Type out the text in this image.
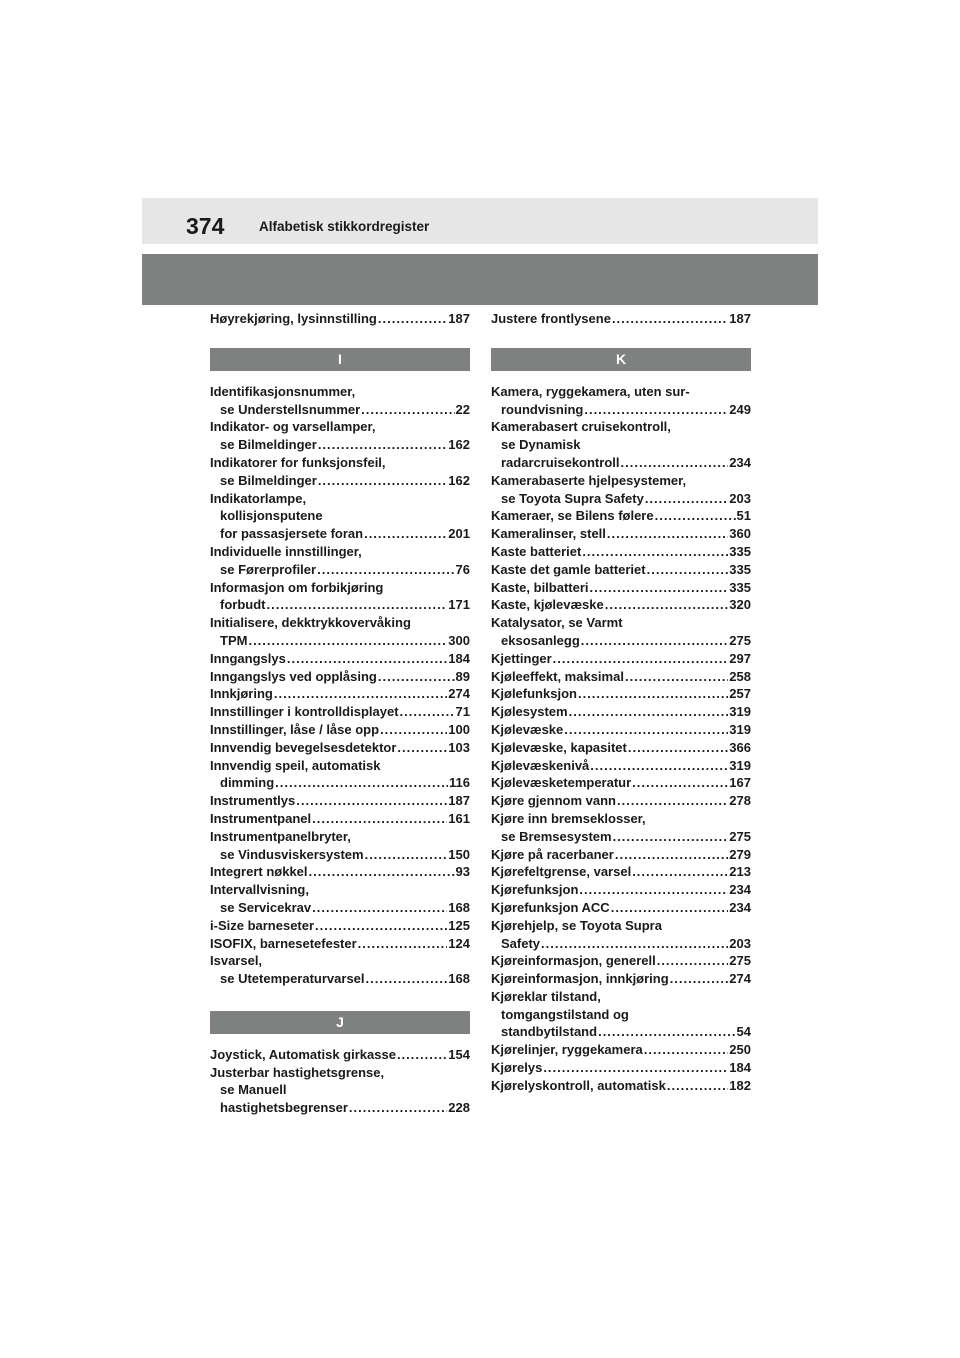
374	Alfabetisk stikkordregister
Høyrekjøring, lysinnstilling .....	187
I
Identifikasjonsnummer,
se Understellsnummer .....	22
Indikator- og varsellamper,
se Bilmeldinger .....	162
Indikatorer for funksjonsfeil,
se Bilmeldinger .....	162
Indikatorlampe,
kollisjonsputene
for passasjersete foran .....	201
Individuelle innstillinger,
se Førerprofiler .....	76
Informasjon om forbikjøring
forbudt .....	171
Initialisere, dekktrykkovervåking
TPM .....	300
Inngangslys .....	184
Inngangslys ved opplåsing .....	89
Innkjøring .....	274
Innstillinger i kontrolldisplayet .....	71
Innstillinger, låse / låse opp .....	100
Innvendig bevegelsesdetektor .....	103
Innvendig speil, automatisk
dimming .....	116
Instrumentlys .....	187
Instrumentpanel .....	161
Instrumentpanelbryter,
se Vindusviskersystem .....	150
Integrert nøkkel .....	93
Intervallvisning,
se Servicekrav .....	168
i-Size barneseter .....	125
ISOFIX, barnesetefester .....	124
Isvarsel,
se Utetemperaturvarsel .....	168
J
Joystick, Automatisk girkasse .....	154
Justerbar hastighetsgrense,
se Manuell
hastighetsbegrenser .....	228
Justere frontlysene .....	187
K
Kamera, ryggekamera, uten sur-
roundvisning .....	249
Kamerabasert cruisekontroll,
se Dynamisk
radarcruisekontroll .....	234
Kamerabaserte hjelpesystemer,
se Toyota Supra Safety .....	203
Kameraer, se Bilens følere .....	51
Kameralinser, stell .....	360
Kaste batteriet .....	335
Kaste det gamle batteriet .....	335
Kaste, bilbatteri .....	335
Kaste, kjølevæske .....	320
Katalysator, se Varmt
eksosanlegg .....	275
Kjettinger .....	297
Kjøleeffekt, maksimal .....	258
Kjølefunksjon .....	257
Kjølesystem .....	319
Kjølevæske .....	319
Kjølevæske, kapasitet .....	366
Kjølevæskenivå .....	319
Kjølevæsketemperatur .....	167
Kjøre gjennom vann .....	278
Kjøre inn bremseklosser,
se Bremsesystem .....	275
Kjøre på racerbaner .....	279
Kjørefeltgrense, varsel .....	213
Kjørefunksjon .....	234
Kjørefunksjon ACC .....	234
Kjørehjelp, se Toyota Supra
Safety .....	203
Kjøreinformasjon, generell .....	275
Kjøreinformasjon, innkjøring .....	274
Kjøreklar tilstand,
tomgangstilstand og
standbytilstand .....	54
Kjørelinjer, ryggekamera .....	250
Kjørelys .....	184
Kjørelyskontroll, automatisk .....	182
